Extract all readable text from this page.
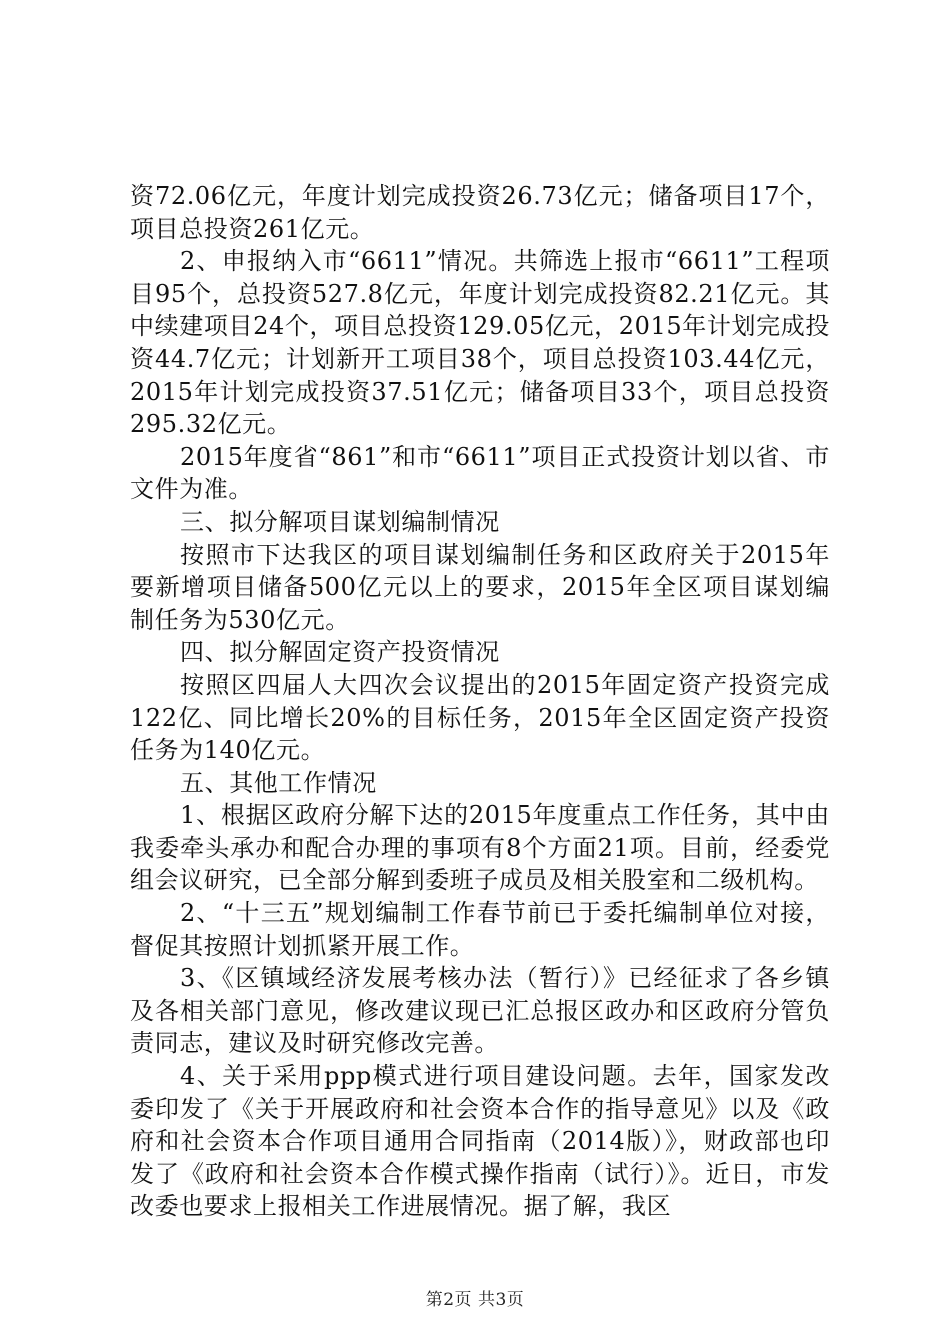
资72.06亿元，年度计划完成投资26.73亿元；储备项目17个，项目总投资261亿元。

2、申报纳入市“6611”情况。共筛选上报市“6611”工程项目95个，总投资527.8亿元，年度计划完成投资82.21亿元。其中续建项目24个，项目总投资129.05亿元，2015年计划完成投资44.7亿元；计划新开工项目38个，项目总投资103.44亿元，2015年计划完成投资37.51亿元；储备项目33个，项目总投资295.32亿元。

2015年度省“861”和市“6611”项目正式投资计划以省、市文件为准。

三、拟分解项目谋划编制情况

按照市下达我区的项目谋划编制任务和区政府关于2015年要新增项目储备500亿元以上的要求，2015年全区项目谋划编制任务为530亿元。

四、拟分解固定资产投资情况

按照区四届人大四次会议提出的2015年固定资产投资完成122亿、同比增长20%的目标任务，2015年全区固定资产投资任务为140亿元。

五、其他工作情况

1、根据区政府分解下达的2015年度重点工作任务，其中由我委牵头承办和配合办理的事项有8个方面21项。目前，经委党组会议研究，已全部分解到委班子成员及相关股室和二级机构。

2、“十三五”规划编制工作春节前已于委托编制单位对接，督促其按照计划抓紧开展工作。

3、《区镇域经济发展考核办法（暂行）》已经征求了各乡镇及各相关部门意见，修改建议现已汇总报区政办和区政府分管负责同志，建议及时研究修改完善。

4、关于采用ppp模式进行项目建设问题。去年，国家发改委印发了《关于开展政府和社会资本合作的指导意见》以及《政府和社会资本合作项目通用合同指南（2014版）》，财政部也印发了《政府和社会资本合作模式操作指南（试行）》。近日，市发改委也要求上报相关工作进展情况。据了解，我区

第2页 共3页
